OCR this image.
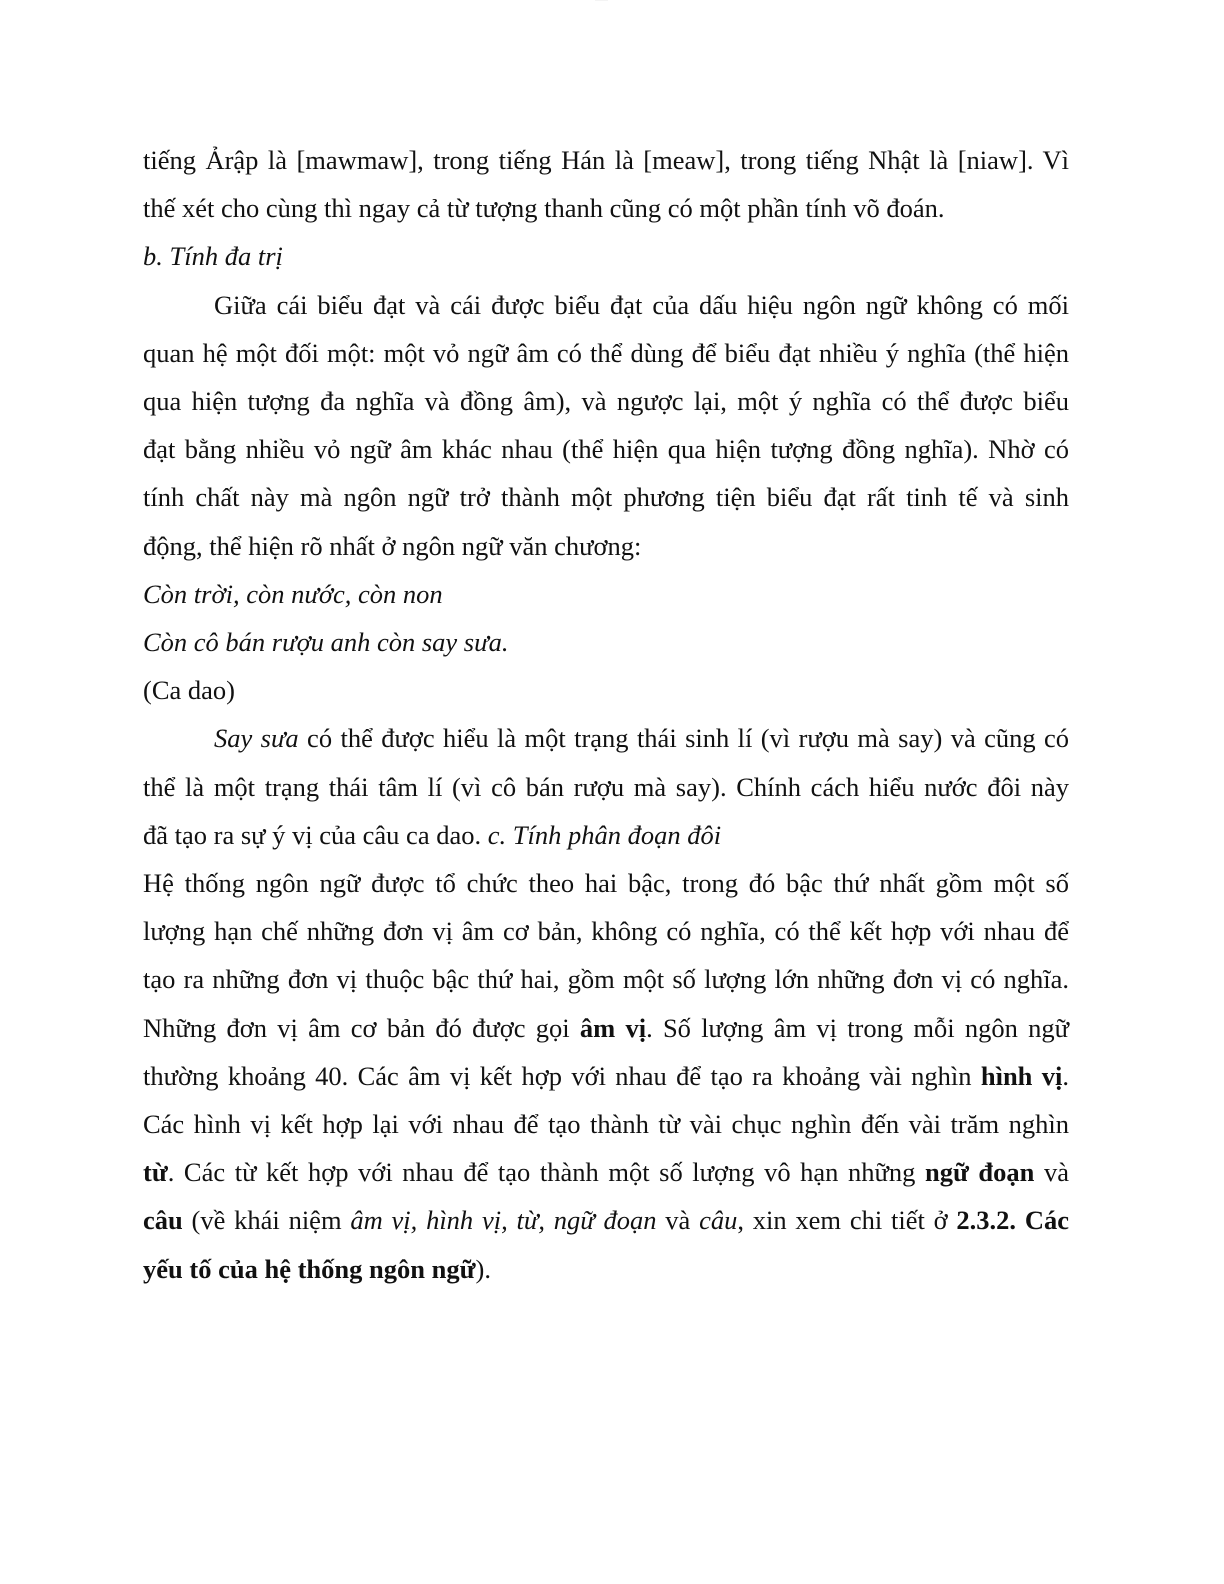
·············

tiếng Ảrập là [mawmaw], trong tiếng Hán là [meaw], trong tiếng Nhật là [niaw]. Vì

thế xét cho cùng thì ngay cả từ tượng thanh cũng có một phần tính võ đoán.

b. Tính đa trị

Giữa cái biểu đạt và cái được biểu đạt của dấu hiệu ngôn ngữ không có mối

quan hệ một đối một: một vỏ ngữ âm có thể dùng để biểu đạt nhiều ý nghĩa (thể hiện

qua hiện tượng đa nghĩa và đồng âm), và ngược lại, một ý nghĩa có thể được biểu

đạt bằng nhiều vỏ ngữ âm khác nhau (thể hiện qua hiện tượng đồng nghĩa). Nhờ có

tính chất này mà ngôn ngữ trở thành một phương tiện biểu đạt rất tinh tế và sinh

động, thể hiện rõ nhất ở ngôn ngữ văn chương:

Còn trời, còn nước, còn non

Còn cô bán rượu anh còn say sưa.

(Ca dao)

Say sưa có thể được hiểu là một trạng thái sinh lí (vì rượu mà say) và cũng có

thể là một trạng thái tâm lí (vì cô bán rượu mà say). Chính cách hiểu nước đôi này

đã tạo ra sự ý vị của câu ca dao. c. Tính phân đoạn đôi

Hệ thống ngôn ngữ được tổ chức theo hai bậc, trong đó bậc thứ nhất gồm một số

lượng hạn chế những đơn vị âm cơ bản, không có nghĩa, có thể kết hợp với nhau để

tạo ra những đơn vị thuộc bậc thứ hai, gồm một số lượng lớn những đơn vị có nghĩa.

Những đơn vị âm cơ bản đó được gọi âm vị. Số lượng âm vị trong mỗi ngôn ngữ

thường khoảng 40. Các âm vị kết hợp với nhau để tạo ra khoảng vài nghìn hình vị.

Các hình vị kết hợp lại với nhau để tạo thành từ vài chục nghìn đến vài trăm nghìn

từ. Các từ kết hợp với nhau để tạo thành một số lượng vô hạn những ngữ đoạn và

câu (về khái niệm âm vị, hình vị, từ, ngữ đoạn và câu, xin xem chi tiết ở 2.3.2. Các

yếu tố của hệ thống ngôn ngữ).
